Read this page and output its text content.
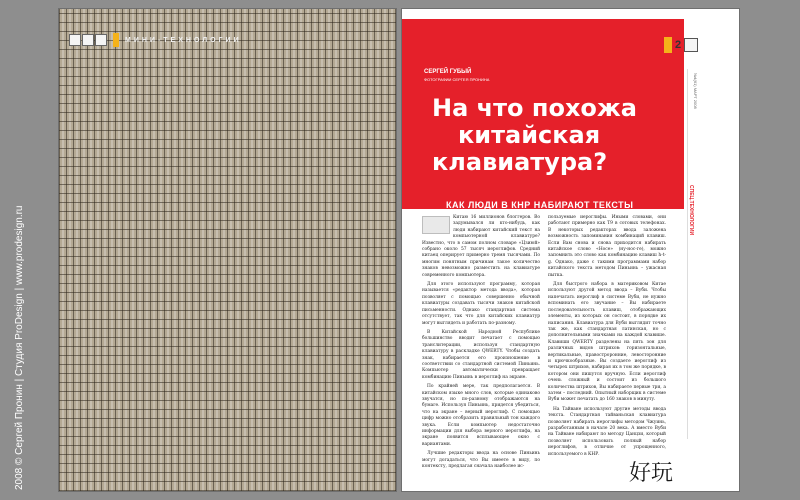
2008 © Сергей Пронин | Студия ProDesign | www.prodesign.ru
МИНИ-ТЕХНОЛОГИИ
СЕРГЕЙ ГУБЫЙ
ФОТОГРАФИИ СЕРГЕЯ ПРОНИНА
На что похожа
китайская
клавиатура?
КАК ЛЮДИ В КНР НАБИРАЮТ ТЕКСТЫ
2
№4(61) МАРТ 2008
СПЕЦ.ТЕХНОЛОГИИ

Китаю 16 миллионов блоггеров. Во задумывался ли кто-нибудь, как люди набирают китайский текст на компьютерной клавиатуре? Известно, что в самом полном словаре «Цзиюй» собрано около 57 тысяч иероглифов. Средний китаец оперирует примерно тремя тысячами. По многим понятным причинам такое количество знаков невозможно разместить на клавиатуре современного компьютера.

Для этого используют программу, которая называется «редактор метода ввода», которая позволяет с помощью совершенно обычной клавиатуры создавать тысячи знаков китайской письменности. Однако стандартная система отсутствует, так что для китайских клавиатур могут выглядеть и работать по-разному.

В Китайской Народной Республике большинство вводит печатает с помощью транслитерации, используя стандартную клавиатуру в раскладке QWERTY. Чтобы создать знак, набирается его произношение в соответствии со стандартной системой Пиньинь. Компьютер автоматически превращает комбинацию Пиньинь в иероглиф на экране.

По крайней мере, так предполагается. В китайском языке много слов, которые одинаково звучатся, но по-разному отображаются на бумаге. Используя Пиньинь, придется убедиться, что на экране – верный иероглиф. С помощью цифр можно отобразить правильный тон каждого звука. Если компьютер недостаточно информации для выбора верного иероглифа, на экране появится всплывающее окно с вариантами.

Лучшие редакторы ввода на основе Пиньинь могут догадаться, что Вы имеете в виду, по контексту, предлагая сначала наиболее ис-

пользуемые иероглифы. Иными словами, они работают примерно как Т9 в сотовых телефонах. В некоторых редакторах ввода заложена возможность запоминания комбинаций клавиш. Если Вам снова и снова приходится набирать китайское слово «Носе» (ну-нос-ге), можно запомнить это слово как комбинацию клавиш h-t-g. Однако, даже с такими программами набор китайского текста методом Пиньинь – ужасная пытка.

Для быстрого набора в материковом Китае используют другой метод ввода – Вуби. Чтобы напечатать иероглиф в системе Вуби, не нужно вспоминать его звучание – Вы набираете последовательность клавиш, отображающих элементы, из которых он состоит, в порядке их написания. Клавиатура для Вуби выглядит точно так же, как стандартная латинская, но с дополнительными значками на каждой клавише. Клавиши QWERTY разделены на пять зон для различных видов штрихов: горизонтальные, вертикальные, правостроронние, левосторонние и крючкообразные. Вы создаете иероглиф из четырех штрихов, набирая их в том же порядке, в котором они пишутся вручную. Если иероглиф очень сложный и состоит из большого количества штрихов, Вы набираете первые три, а затем – последний. Опытный наборщик в системе Вуби может печатать до 160 знаков в минуту.

На Тайване используют другие методы ввода текста. Стандартная тайваньская клавиатура позволяет набирать иероглифы методом Чжуинь, разработанным в начале 20 века. А вместо Вуби на Тайване набирают по методу Цанцзи, который позволяет использовать полный набор иероглифов, в отличие от упрощенного, используемого в КНР.

好玩
